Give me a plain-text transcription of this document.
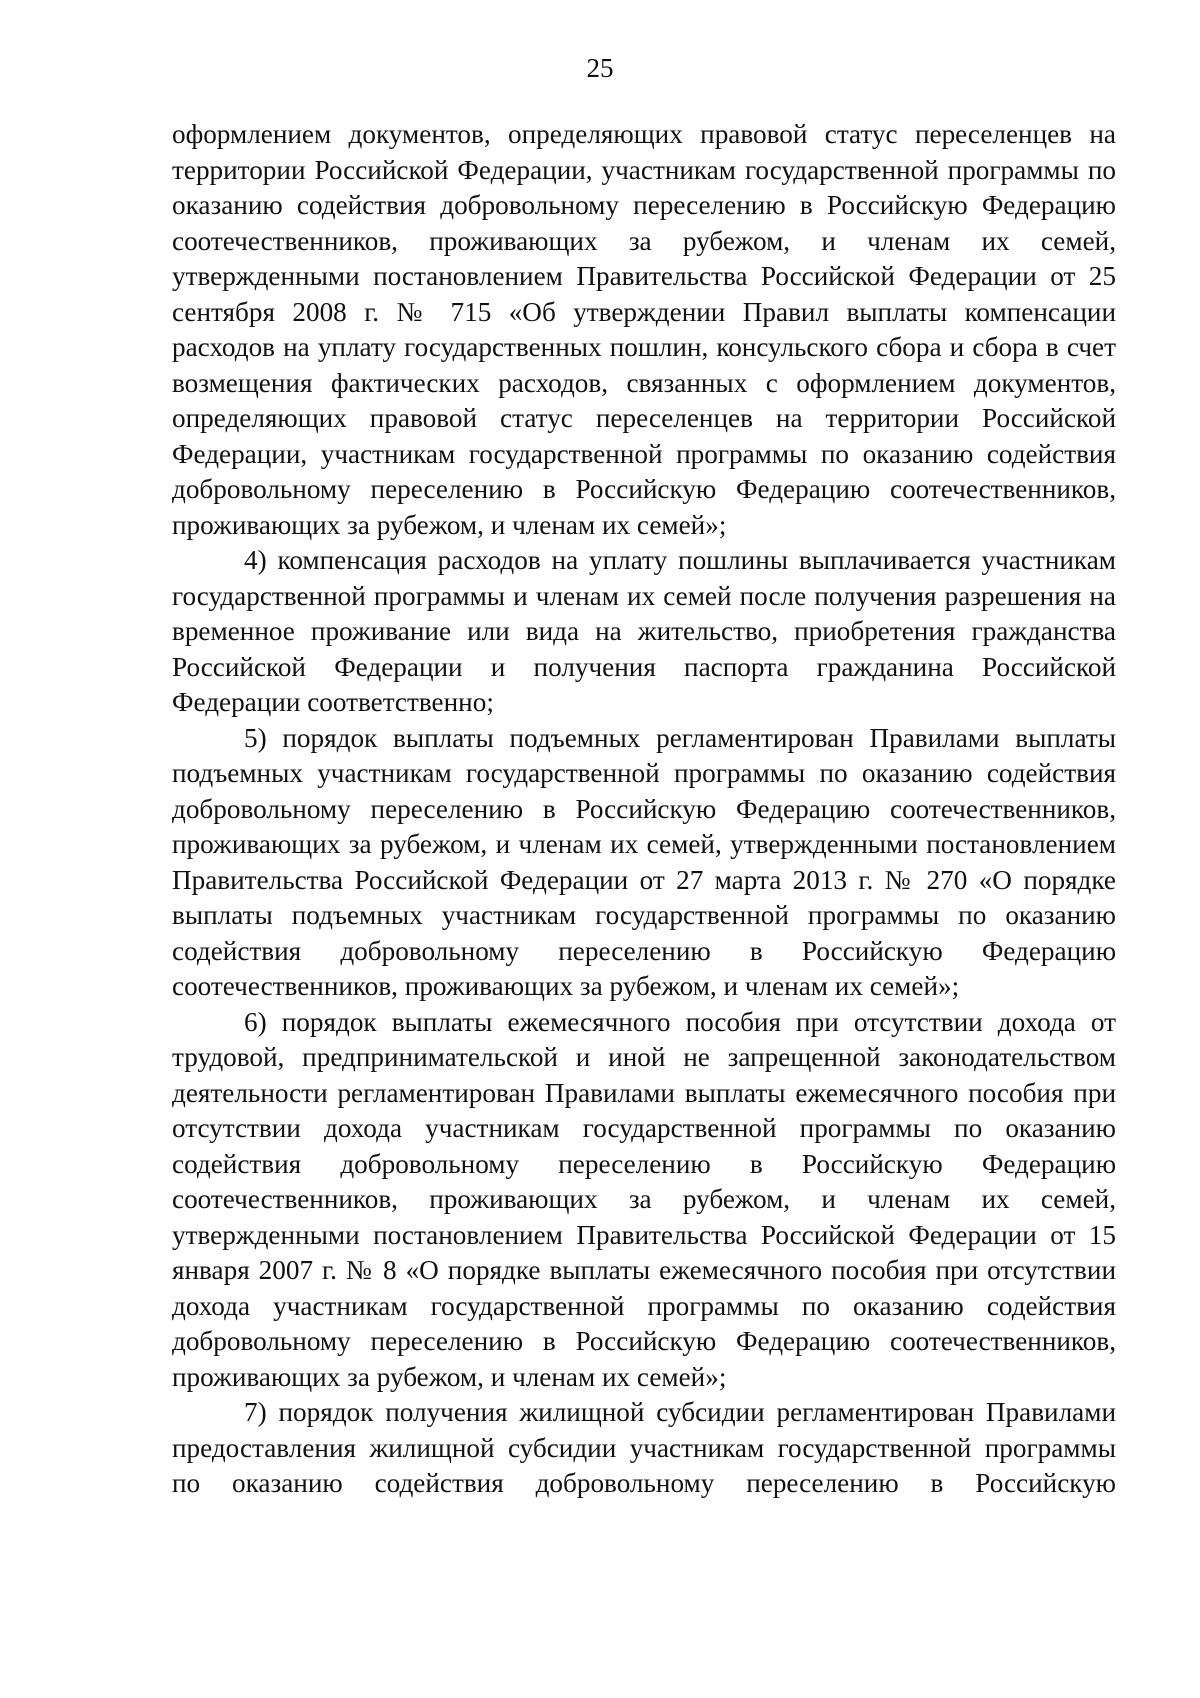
25

оформлением документов, определяющих правовой статус переселенцев на территории Российской Федерации, участникам государственной программы по оказанию содействия добровольному переселению в Российскую Федерацию соотечественников, проживающих за рубежом, и членам их семей, утвержденными постановлением Правительства Российской Федерации от 25 сентября 2008 г. № 715 «Об утверждении Правил выплаты компенсации расходов на уплату государственных пошлин, консульского сбора и сбора в счет возмещения фактических расходов, связанных с оформлением документов, определяющих правовой статус переселенцев на территории Российской Федерации, участникам государственной программы по оказанию содействия добровольному переселению в Российскую Федерацию соотечественников, проживающих за рубежом, и членам их семей»;

4) компенсация расходов на уплату пошлины выплачивается участникам государственной программы и членам их семей после получения разрешения на временное проживание или вида на жительство, приобретения гражданства Российской Федерации и получения паспорта гражданина Российской Федерации соответственно;

5) порядок выплаты подъемных регламентирован Правилами выплаты подъемных участникам государственной программы по оказанию содействия добровольному переселению в Российскую Федерацию соотечественников, проживающих за рубежом, и членам их семей, утвержденными постановлением Правительства Российской Федерации от 27 марта 2013 г. № 270 «О порядке выплаты подъемных участникам государственной программы по оказанию содействия добровольному переселению в Российскую Федерацию соотечественников, проживающих за рубежом, и членам их семей»;

6) порядок выплаты ежемесячного пособия при отсутствии дохода от трудовой, предпринимательской и иной не запрещенной законодательством деятельности регламентирован Правилами выплаты ежемесячного пособия при отсутствии дохода участникам государственной программы по оказанию содействия добровольному переселению в Российскую Федерацию соотечественников, проживающих за рубежом, и членам их семей, утвержденными постановлением Правительства Российской Федерации от 15 января 2007 г. № 8 «О порядке выплаты ежемесячного пособия при отсутствии дохода участникам государственной программы по оказанию содействия добровольному переселению в Российскую Федерацию соотечественников, проживающих за рубежом, и членам их семей»;

7) порядок получения жилищной субсидии регламентирован Правилами предоставления жилищной субсидии участникам государственной программы по оказанию содействия добровольному переселению в Российскую
